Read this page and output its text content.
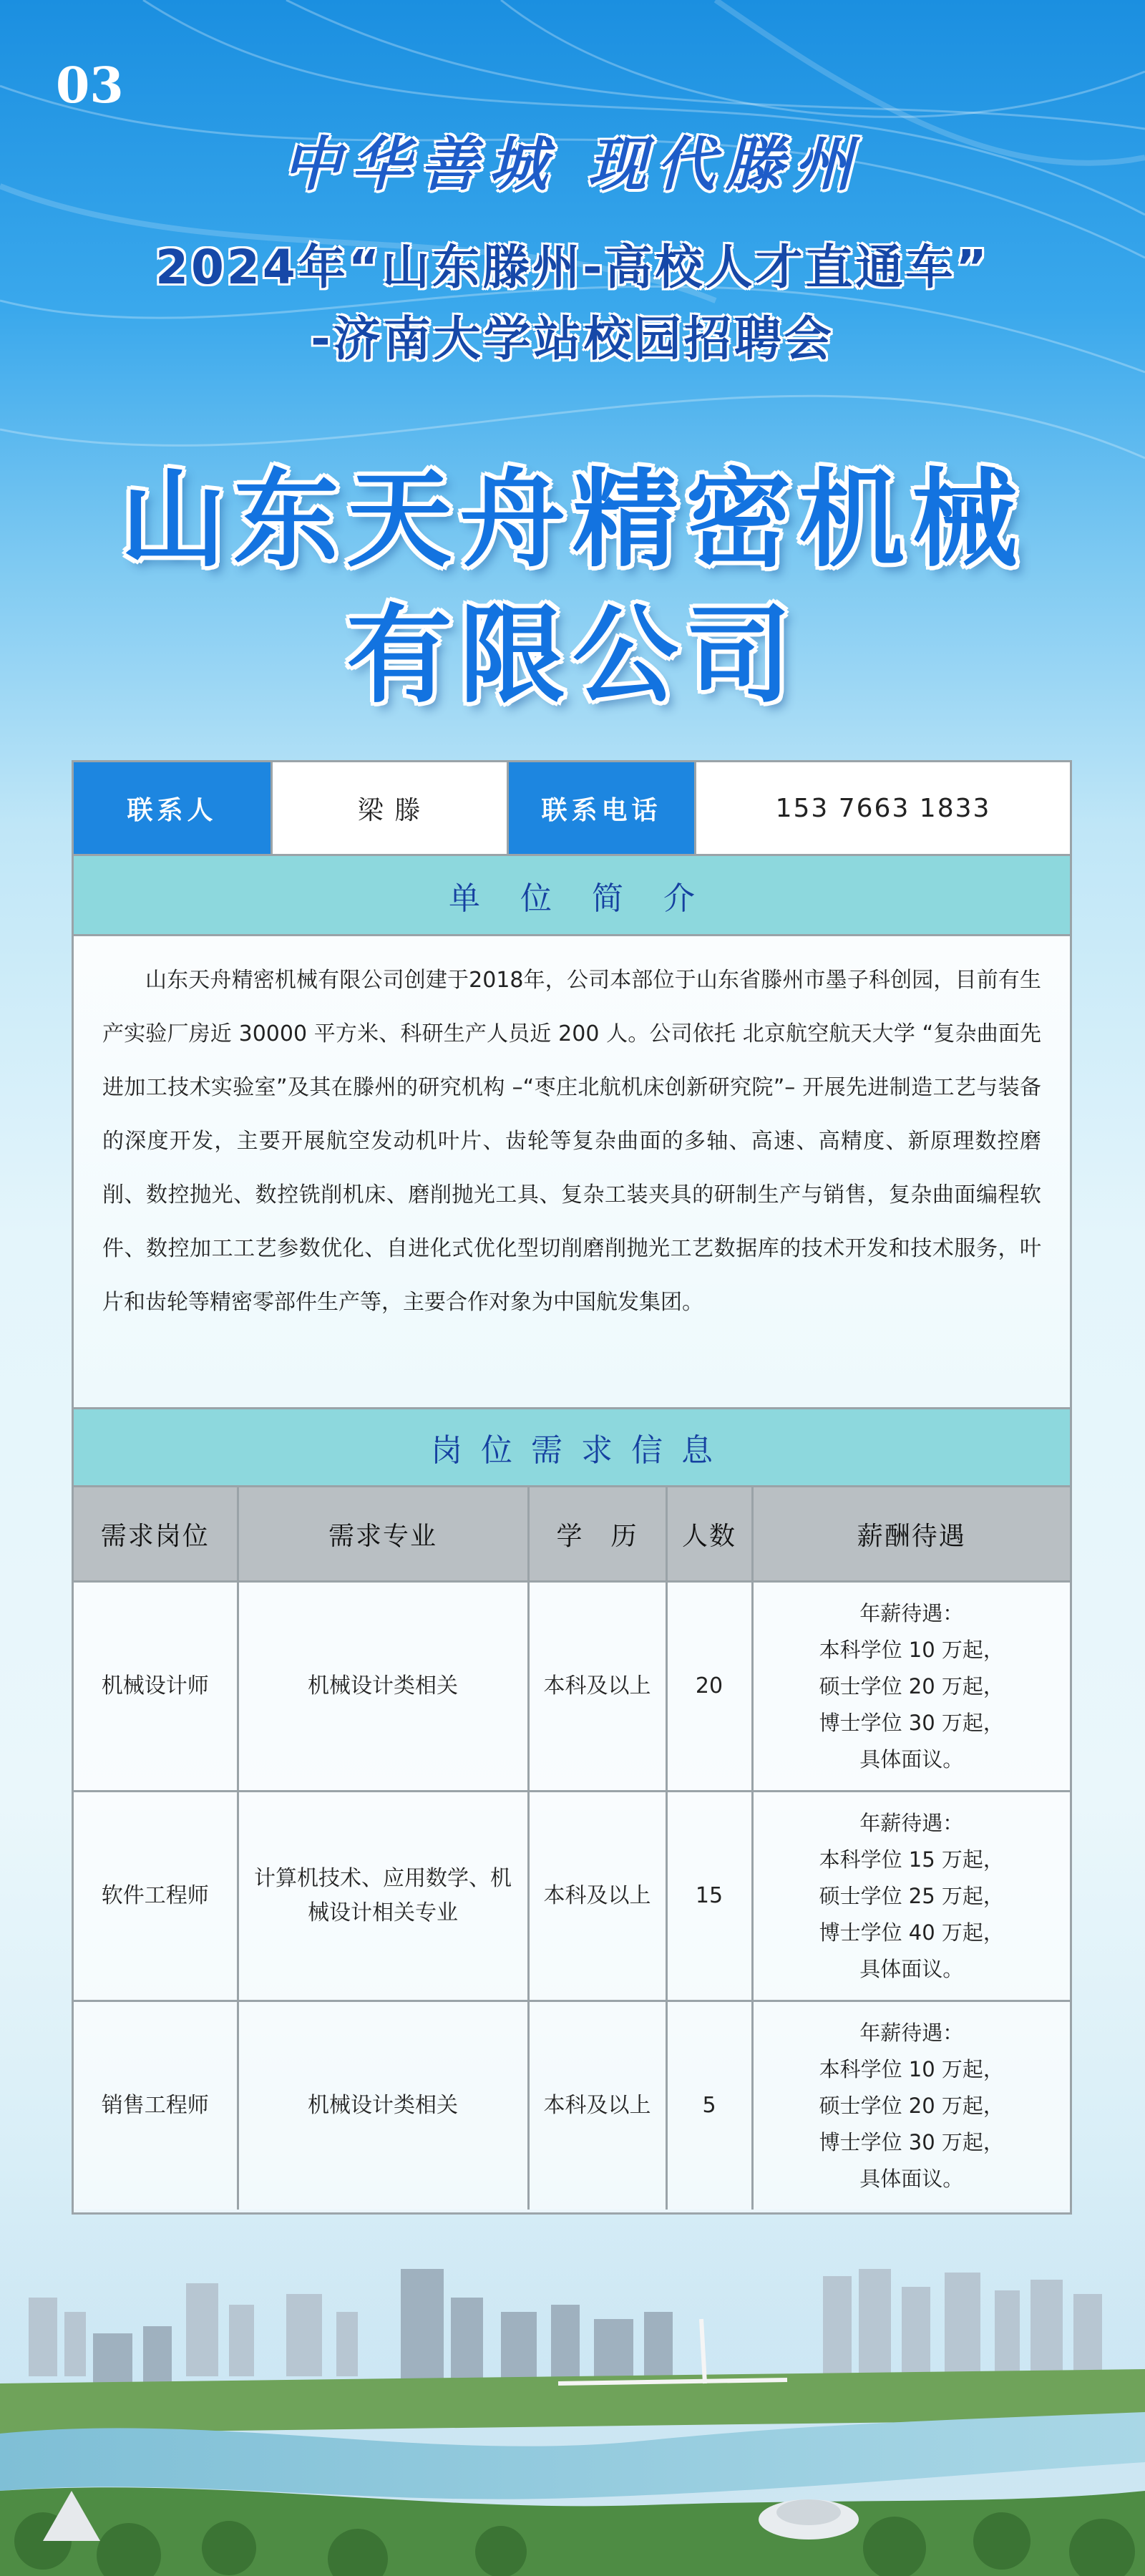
03
中华善城 现代滕州
2024年“山东滕州-高校人才直通车”
-济南大学站校园招聘会
山东天舟精密机械
有限公司
联系人	梁 滕	联系电话	153 7663 1833
单位简介
山东天舟精密机械有限公司创建于2018年，公司本部位于山东省滕州市墨子科创园，目前有生产实验厂房近 30000 平方米、科研生产人员近 200 人。公司依托 北京航空航天大学 “复杂曲面先进加工技术实验室”及其在滕州的研究机构 –“枣庄北航机床创新研究院”– 开展先进制造工艺与装备的深度开发，主要开展航空发动机叶片、齿轮等复杂曲面的多轴、高速、高精度、新原理数控磨削、数控抛光、数控铣削机床、磨削抛光工具、复杂工装夹具的研制生产与销售，复杂曲面编程软件、数控加工工艺参数优化、自进化式优化型切削磨削抛光工艺数据库的技术开发和技术服务，叶片和齿轮等精密零部件生产等，主要合作对象为中国航发集团。
岗位需求信息
需求岗位	需求专业	学　历	人数	薪酬待遇
机械设计师	机械设计类相关	本科及以上	20	年薪待遇：
本科学位 10 万起，
硕士学位 20 万起，
博士学位 30 万起，
具体面议。

软件工程师	计算机技术、应用数学、机械设计相关专业	本科及以上	15	年薪待遇：
本科学位 15 万起，
硕士学位 25 万起，
博士学位 40 万起，
具体面议。

销售工程师	机械设计类相关	本科及以上	5	年薪待遇：
本科学位 10 万起，
硕士学位 20 万起，
博士学位 30 万起，
具体面议。
